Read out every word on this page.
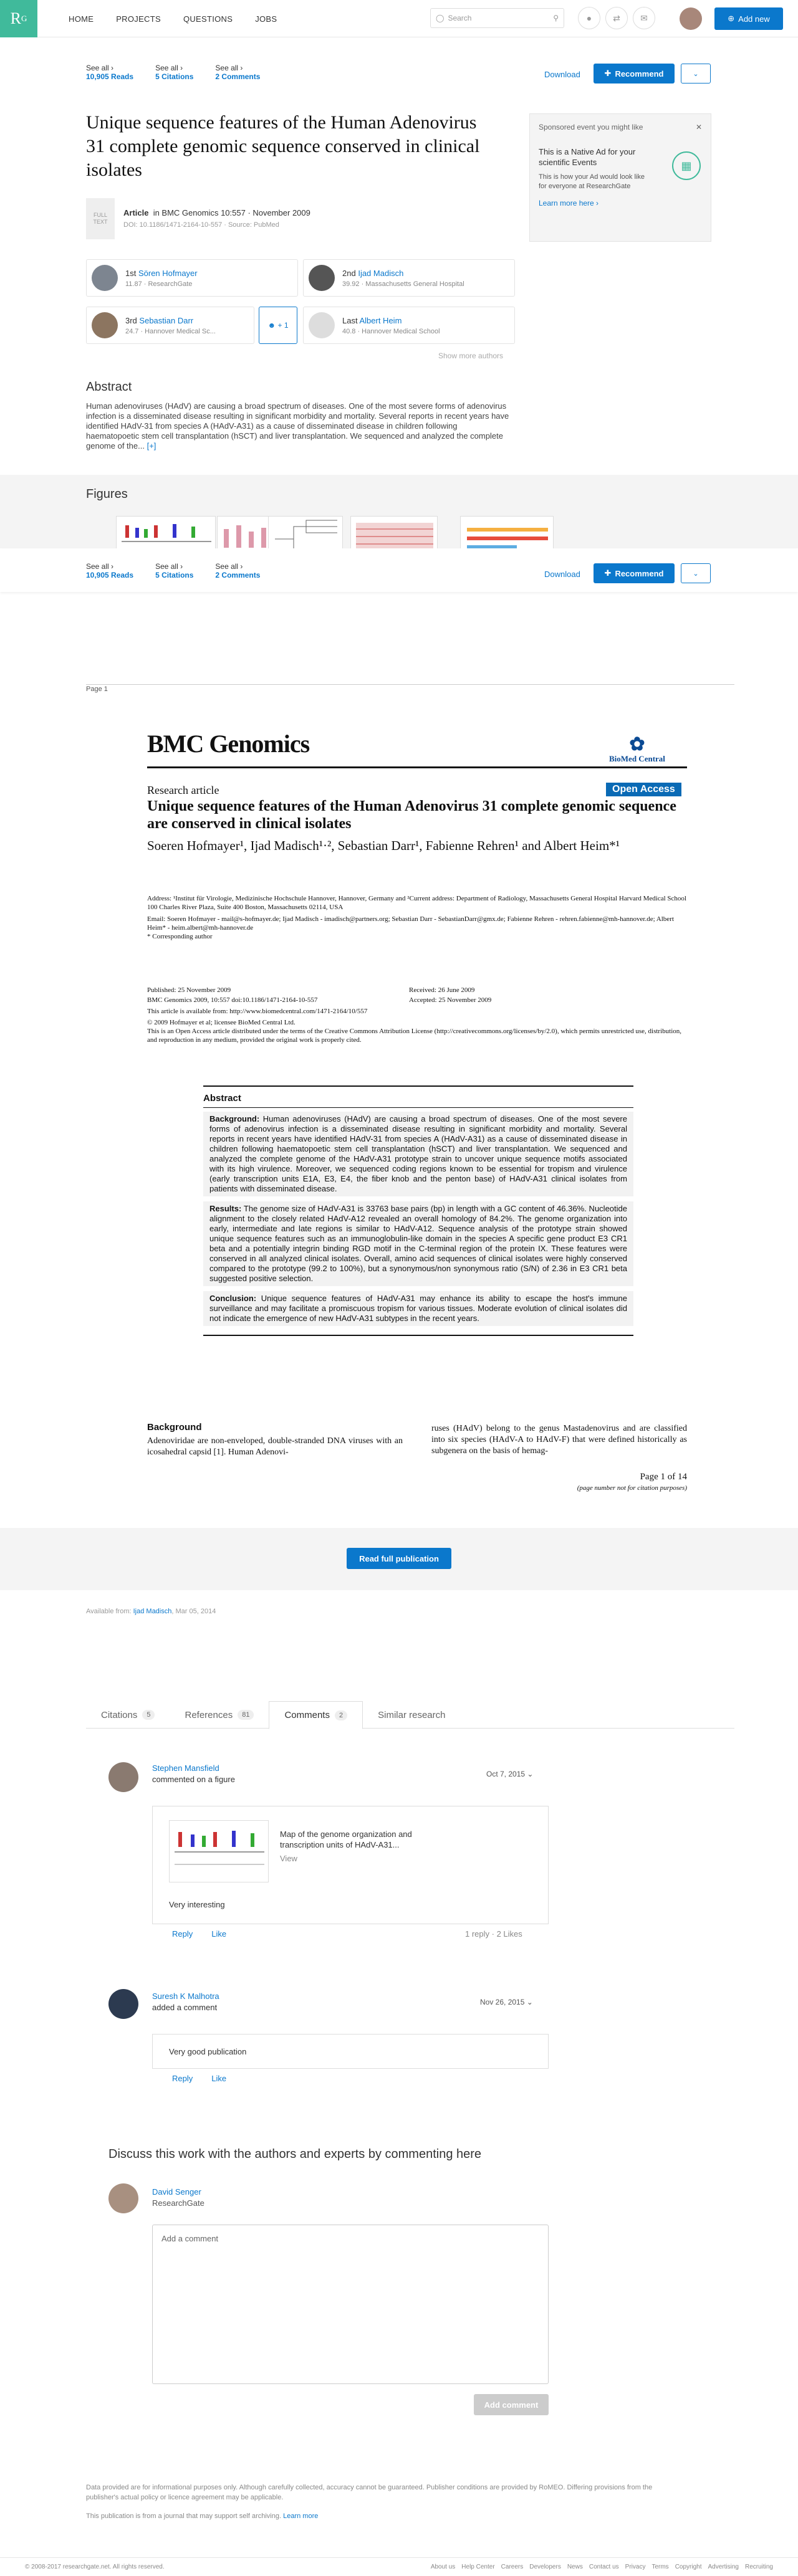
R G	HOME	PROJECTS	QUESTIONS	JOBS	◯ Search	⚲	●	⇄	✉	⊕ Add new
See all ›
10,905 Reads
See all ›
5 Citations
See all ›
2 Comments	Download	✚ Recommend	⌄
Unique sequence features of the Human Adenovirus 31 complete genomic sequence conserved in clinical isolates
FULL TEXT
Article in BMC Genomics 10:557 · November 2009
DOI: 10.1186/1471-2164-10-557 · Source: PubMed
Sponsored event you might like	✕
This is a Native Ad for your scientific Events
This is how your Ad would look like for everyone at ResearchGate
Learn more here ›
▦
1st Sören Hofmayer
11.87 · ResearchGate
2nd Ijad Madisch
39.92 · Massachusetts General Hospital
3rd Sebastian Darr
24.7 · Hannover Medical Sc...
☻
+ 1
Last Albert Heim
40.8 · Hannover Medical School
Show more authors
Abstract
Human adenoviruses (HAdV) are causing a broad spectrum of diseases. One of the most severe forms of adenovirus infection is a disseminated disease resulting in significant morbidity and mortality. Several reports in recent years have identified HAdV-31 from species A (HAdV-A31) as a cause of disseminated disease in children following haematopoetic stem cell transplantation (hSCT) and liver transplantation. We sequenced and analyzed the complete genome of the... [+]
Figures
See all ›
10,905 Reads
See all ›
5 Citations
See all ›
2 Comments	Download	✚ Recommend	⌄
Page 1
BMC Genomics	✿
BioMed Central
Research article	Open Access
Unique sequence features of the Human Adenovirus 31 complete genomic sequence are conserved in clinical isolates
Soeren Hofmayer¹, Ijad Madisch¹·², Sebastian Darr¹, Fabienne Rehren¹ and Albert Heim*¹
Address: ¹Institut für Virologie, Medizinische Hochschule Hannover, Hannover, Germany and ²Current address: Department of Radiology, Massachusetts General Hospital Harvard Medical School 100 Charles River Plaza, Suite 400 Boston, Massachusetts 02114, USA
Email: Soeren Hofmayer - mail@s-hofmayer.de; Ijad Madisch - imadisch@partners.org; Sebastian Darr - SebastianDarr@gmx.de; Fabienne Rehren - rehren.fabienne@mh-hannover.de; Albert Heim* - heim.albert@mh-hannover.de
* Corresponding author
Published: 25 November 2009	Received: 26 June 2009
BMC Genomics 2009, 10:557 doi:10.1186/1471-2164-10-557	Accepted: 25 November 2009
This article is available from: http://www.biomedcentral.com/1471-2164/10/557
© 2009 Hofmayer et al; licensee BioMed Central Ltd.
This is an Open Access article distributed under the terms of the Creative Commons Attribution License (http://creativecommons.org/licenses/by/2.0), which permits unrestricted use, distribution, and reproduction in any medium, provided the original work is properly cited.
Abstract
Background: Human adenoviruses (HAdV) are causing a broad spectrum of diseases. One of the most severe forms of adenovirus infection is a disseminated disease resulting in significant morbidity and mortality. Several reports in recent years have identified HAdV-31 from species A (HAdV-A31) as a cause of disseminated disease in children following haematopoetic stem cell transplantation (hSCT) and liver transplantation. We sequenced and analyzed the complete genome of the HAdV-A31 prototype strain to uncover unique sequence motifs associated with its high virulence. Moreover, we sequenced coding regions known to be essential for tropism and virulence (early transcription units E1A, E3, E4, the fiber knob and the penton base) of HAdV-A31 clinical isolates from patients with disseminated disease.
Results: The genome size of HAdV-A31 is 33763 base pairs (bp) in length with a GC content of 46.36%. Nucleotide alignment to the closely related HAdV-A12 revealed an overall homology of 84.2%. The genome organization into early, intermediate and late regions is similar to HAdV-A12. Sequence analysis of the prototype strain showed unique sequence features such as an immunoglobulin-like domain in the species A specific gene product E3 CR1 beta and a potentially integrin binding RGD motif in the C-terminal region of the protein IX. These features were conserved in all analyzed clinical isolates. Overall, amino acid sequences of clinical isolates were highly conserved compared to the prototype (99.2 to 100%), but a synonymous/non synonymous ratio (S/N) of 2.36 in E3 CR1 beta suggested positive selection.
Conclusion: Unique sequence features of HAdV-A31 may enhance its ability to escape the host's immune surveillance and may facilitate a promiscuous tropism for various tissues. Moderate evolution of clinical isolates did not indicate the emergence of new HAdV-A31 subtypes in the recent years.
Background
Adenoviridae are non-enveloped, double-stranded DNA viruses with an icosahedral capsid [1]. Human Adenovi-
ruses (HAdV) belong to the genus Mastadenovirus and are classified into six species (HAdV-A to HAdV-F) that were defined historically as subgenera on the basis of hemag-
Page 1 of 14
(page number not for citation purposes)
Read full publication
Available from: Ijad Madisch, Mar 05, 2014
Citations	5	References	81	Comments	2	Similar research
Stephen Mansfield
commented on a figure
Oct 7, 2015 ⌄
Map of the genome organization and transcription units of HAdV-A31...
View
Very interesting
Reply Like	1 reply · 2 Likes
Suresh K Malhotra
added a comment
Nov 26, 2015 ⌄
Very good publication
Reply Like
Discuss this work with the authors and experts by commenting here
David Senger
ResearchGate
Add a comment
Add comment
Data provided are for informational purposes only. Although carefully collected, accuracy cannot be guaranteed. Publisher conditions are provided by RoMEO. Differing provisions from the publisher's actual policy or licence agreement may be applicable.
This publication is from a journal that may support self archiving. Learn more
© 2008-2017 researchgate.net. All rights reserved.	About us Help Center Careers Developers News Contact us Privacy Terms Copyright Advertising Recruiting
